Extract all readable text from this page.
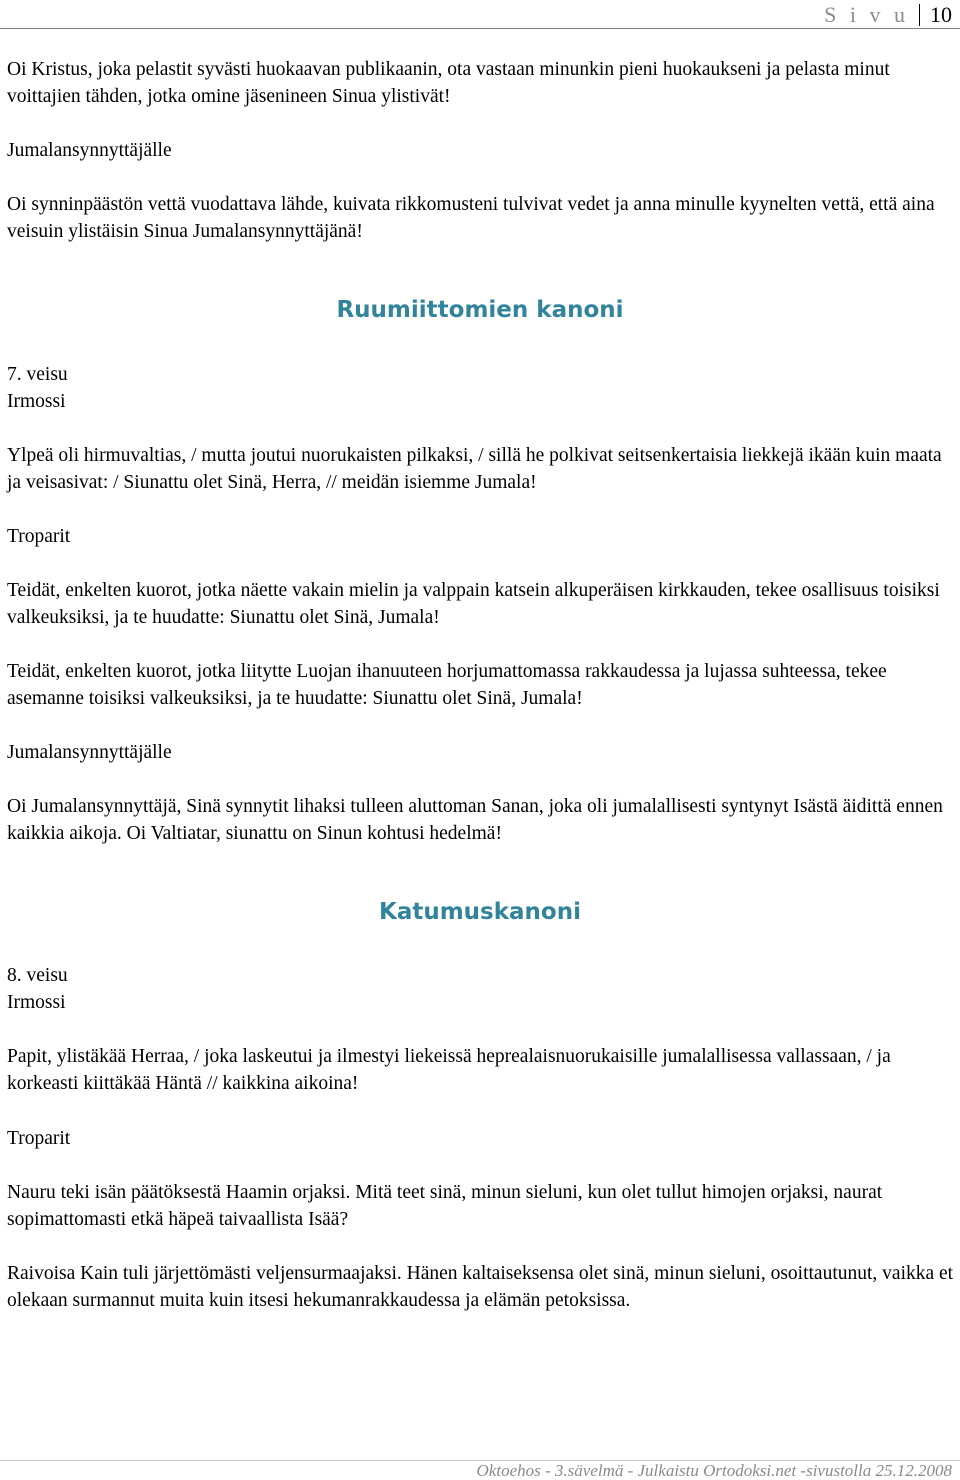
S i v u 10

Oi Kristus, joka pelastit syvästi huokaavan publikaanin, ota vastaan minunkin pieni huokaukseni ja pelasta minut voittajien tähden, jotka omine jäsenineen Sinua ylistivät!

Jumalansynnyttäjälle

Oi synninpäästön vettä vuodattava lähde, kuivata rikkomusteni tulvivat vedet ja anna minulle kyynelten vettä, että aina veisuin ylistäisin Sinua Jumalansynnyttäjänä!

Ruumiittomien kanoni

7. veisu

Irmossi

Ylpeä oli hirmuvaltias, / mutta joutui nuorukaisten pilkaksi, / sillä he polkivat seitsenkertaisia liekkejä ikään kuin maata ja veisasivat: / Siunattu olet Sinä, Herra, // meidän isiemme Jumala!

Troparit

Teidät, enkelten kuorot, jotka näette vakain mielin ja valppain katsein alkuperäisen kirkkauden, tekee osallisuus toisiksi valkeuksiksi, ja te huudatte: Siunattu olet Sinä, Jumala!

Teidät, enkelten kuorot, jotka liitytte Luojan ihanuuteen horjumattomassa rakkaudessa ja lujassa suhteessa, tekee asemanne toisiksi valkeuksiksi, ja te huudatte: Siunattu olet Sinä, Jumala!

Jumalansynnyttäjälle

Oi Jumalansynnyttäjä, Sinä synnytit lihaksi tulleen aluttoman Sanan, joka oli jumalallisesti syntynyt Isästä äidittä ennen kaikkia aikoja. Oi Valtiatar, siunattu on Sinun kohtusi hedelmä!

Katumuskanoni

8. veisu

Irmossi

Papit, ylistäkää Herraa, / joka laskeutui ja ilmestyi liekeissä heprealaisnuorukaisille jumalallisessa vallassaan, / ja korkeasti kiittäkää Häntä // kaikkina aikoina!

Troparit

Nauru teki isän päätöksestä Haamin orjaksi. Mitä teet sinä, minun sieluni, kun olet tullut himojen orjaksi, naurat sopimattomasti etkä häpeä taivaallista Isää?

Raivoisa Kain tuli järjettömästi veljensurmaajaksi. Hänen kaltaiseksensa olet sinä, minun sieluni, osoittautunut, vaikka et olekaan surmannut muita kuin itsesi hekumanrakkaudessa ja elämän petoksissa.

Oktoehos - 3.sävelmä - Julkaistu Ortodoksi.net -sivustolla 25.12.2008
